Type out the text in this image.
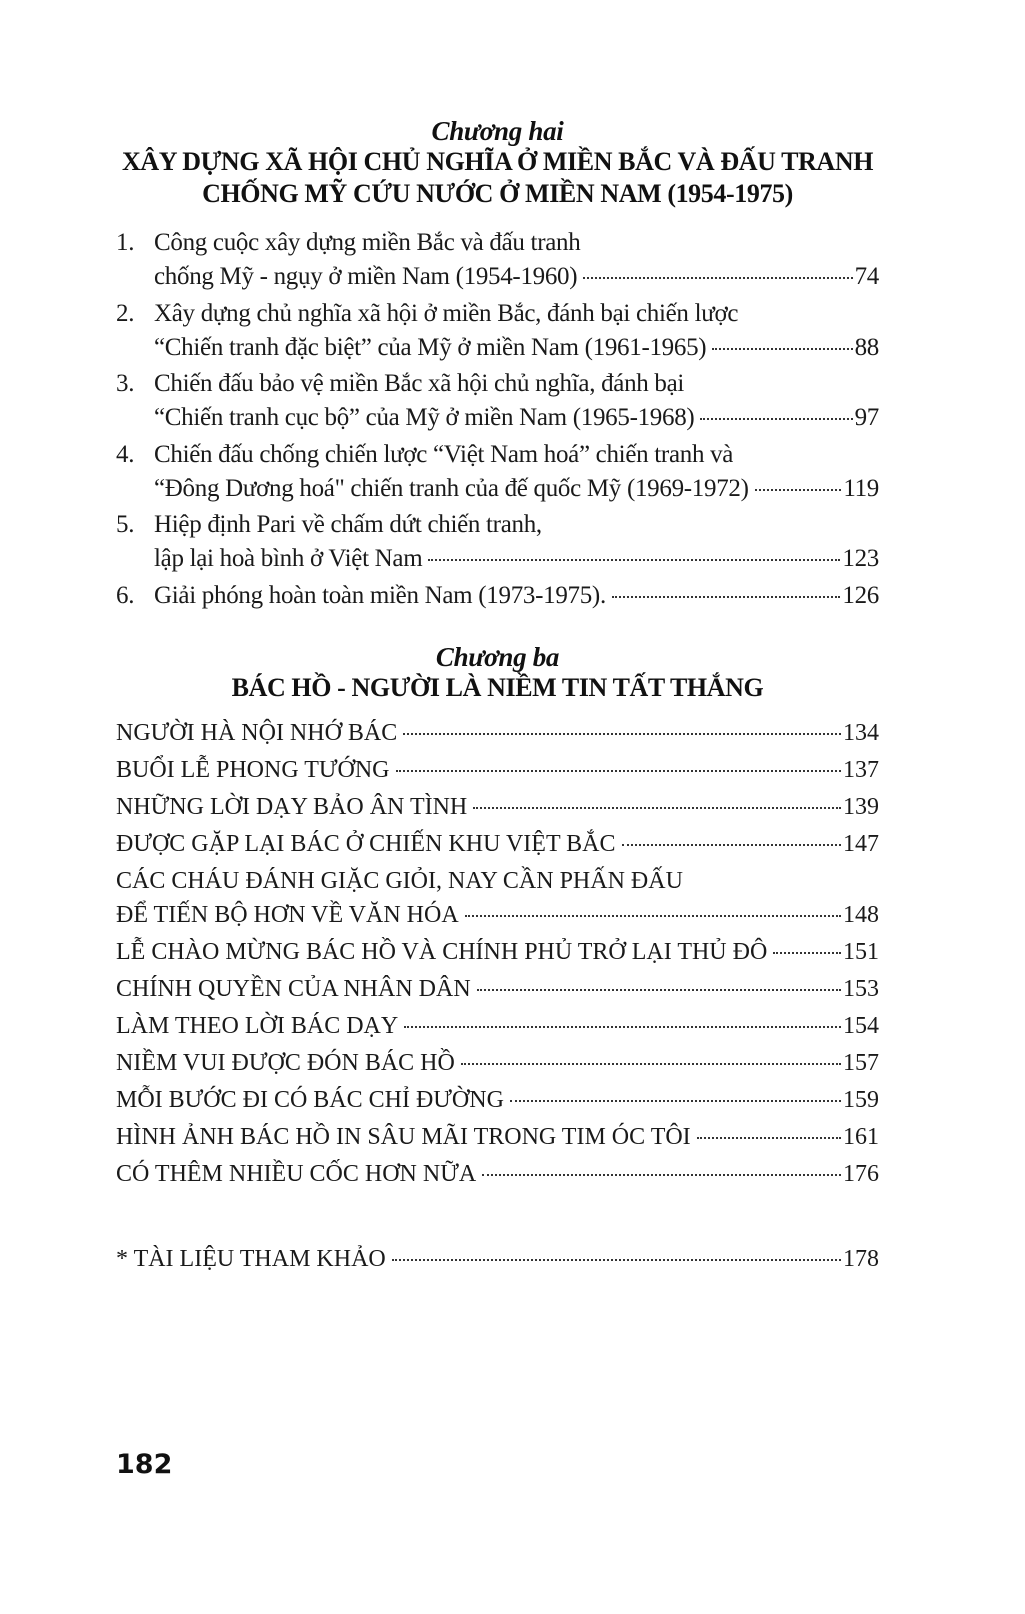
Chương hai
XÂY DỰNG XÃ HỘI CHỦ NGHĨA Ở MIỀN BẮC VÀ ĐẤU TRANH
CHỐNG MỸ CỨU NƯỚC Ở MIỀN NAM (1954-1975)
1. Công cuộc xây dựng miền Bắc và đấu tranh
chống Mỹ - ngụy ở miền Nam (1954-1960)	74
2. Xây dựng chủ nghĩa xã hội ở miền Bắc, đánh bại chiến lược
“Chiến tranh đặc biệt” của Mỹ ở miền Nam (1961-1965)	88
3. Chiến đấu bảo vệ miền Bắc xã hội chủ nghĩa, đánh bại
“Chiến tranh cục bộ” của Mỹ ở miền Nam (1965-1968)	97
4. Chiến đấu chống chiến lược “Việt Nam hoá” chiến tranh và
“Đông Dương hoá" chiến tranh của đế quốc Mỹ (1969-1972)	119
5. Hiệp định Pari về chấm dứt chiến tranh,
lập lại hoà bình ở Việt Nam	123
6. Giải phóng hoàn toàn miền Nam (1973-1975).	126
Chương ba
BÁC HỒ - NGƯỜI LÀ NIỀM TIN TẤT THẮNG
NGƯỜI HÀ NỘI NHỚ BÁC	134
BUỔI LỄ PHONG TƯỚNG	137
NHỮNG LỜI DẠY BẢO ÂN TÌNH	139
ĐƯỢC GẶP LẠI BÁC Ở CHIẾN KHU VIỆT BẮC	147
CÁC CHÁU ĐÁNH GIẶC GIỎI, NAY CẦN PHẤN ĐẤU
ĐỂ TIẾN BỘ HƠN VỀ VĂN HÓA	148
LỄ CHÀO MỪNG BÁC HỒ VÀ CHÍNH PHỦ TRỞ LẠI THỦ ĐÔ	151
CHÍNH QUYỀN CỦA NHÂN DÂN	153
LÀM THEO LỜI BÁC DẠY	154
NIỀM VUI ĐƯỢC ĐÓN BÁC HỒ	157
MỖI BƯỚC ĐI CÓ BÁC CHỈ ĐƯỜNG	159
HÌNH ẢNH BÁC HỒ IN SÂU MÃI TRONG TIM ÓC TÔI	161
CÓ THÊM NHIỀU CỐC HƠN NỮA	176
* TÀI LIỆU THAM KHẢO	178
182
